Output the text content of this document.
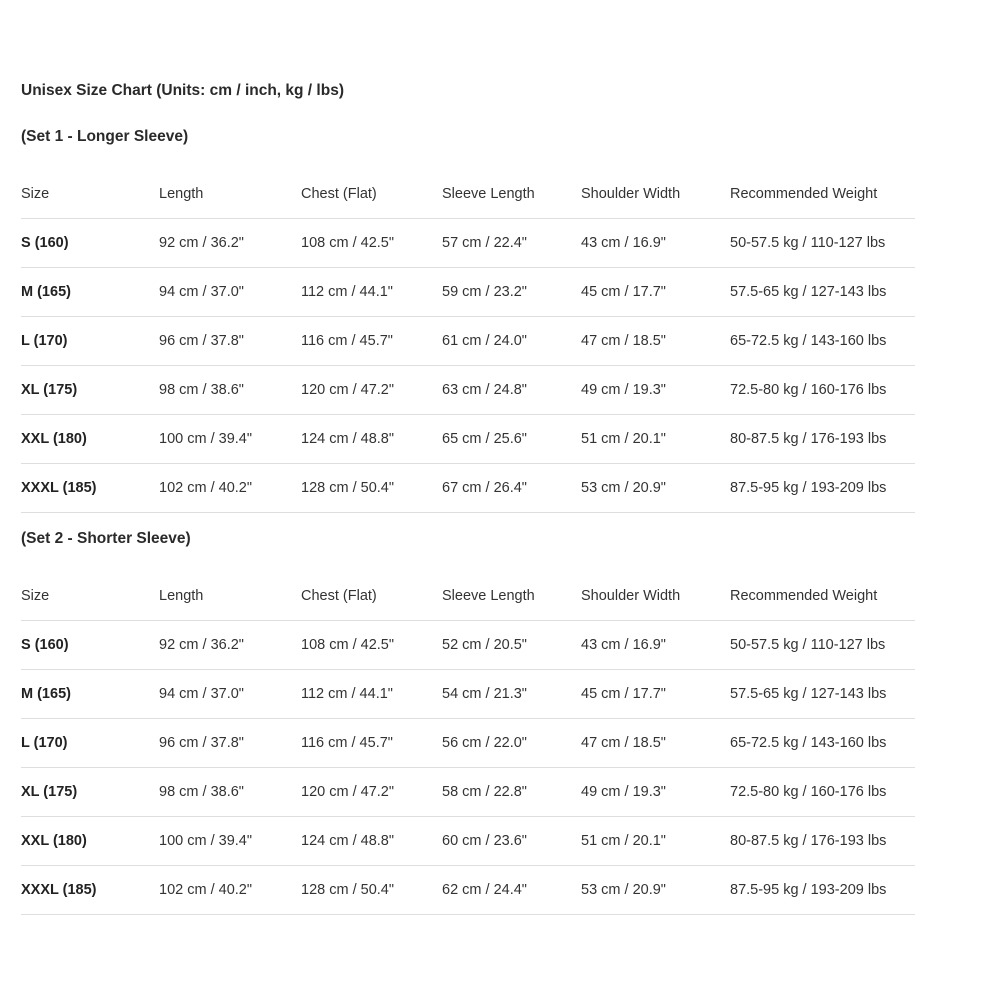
Unisex Size Chart (Units: cm / inch, kg / lbs)
(Set 1 - Longer Sleeve)
Size	Length	Chest (Flat)	Sleeve Length	Shoulder Width	Recommended Weight
S (160)	92 cm / 36.2"	108 cm / 42.5"	57 cm / 22.4"	43 cm / 16.9"	50-57.5 kg / 110-127 lbs
M (165)	94 cm / 37.0"	112 cm / 44.1"	59 cm / 23.2"	45 cm / 17.7"	57.5-65 kg / 127-143 lbs
L (170)	96 cm / 37.8"	116 cm / 45.7"	61 cm / 24.0"	47 cm / 18.5"	65-72.5 kg / 143-160 lbs
XL (175)	98 cm / 38.6"	120 cm / 47.2"	63 cm / 24.8"	49 cm / 19.3"	72.5-80 kg / 160-176 lbs
XXL (180)	100 cm / 39.4"	124 cm / 48.8"	65 cm / 25.6"	51 cm / 20.1"	80-87.5 kg / 176-193 lbs
XXXL (185)	102 cm / 40.2"	128 cm / 50.4"	67 cm / 26.4"	53 cm / 20.9"	87.5-95 kg / 193-209 lbs
(Set 2 - Shorter Sleeve)
Size	Length	Chest (Flat)	Sleeve Length	Shoulder Width	Recommended Weight
S (160)	92 cm / 36.2"	108 cm / 42.5"	52 cm / 20.5"	43 cm / 16.9"	50-57.5 kg / 110-127 lbs
M (165)	94 cm / 37.0"	112 cm / 44.1"	54 cm / 21.3"	45 cm / 17.7"	57.5-65 kg / 127-143 lbs
L (170)	96 cm / 37.8"	116 cm / 45.7"	56 cm / 22.0"	47 cm / 18.5"	65-72.5 kg / 143-160 lbs
XL (175)	98 cm / 38.6"	120 cm / 47.2"	58 cm / 22.8"	49 cm / 19.3"	72.5-80 kg / 160-176 lbs
XXL (180)	100 cm / 39.4"	124 cm / 48.8"	60 cm / 23.6"	51 cm / 20.1"	80-87.5 kg / 176-193 lbs
XXXL (185)	102 cm / 40.2"	128 cm / 50.4"	62 cm / 24.4"	53 cm / 20.9"	87.5-95 kg / 193-209 lbs
